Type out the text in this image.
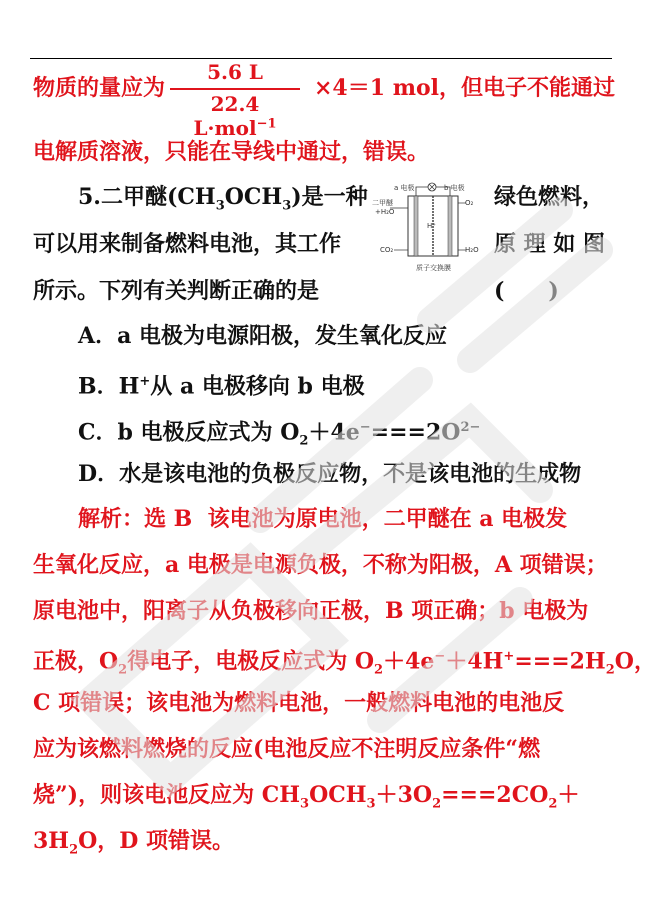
物质的量应为
5.6 L
22.4 L·mol$^{-1}$
×4＝1 mol，但电子不能通过
电解质溶液，只能在导线中通过，错误。
5.二甲醚$(CH_3OCH_3)$是一种	绿色燃料，
可以用来制备燃料电池，其工作	原 理 如 图
所示。下列有关判断正确的是	(　　)
a 电极	b 电极
H⁺
二甲醚
+H₂O
CO₂
O₂
H₂O
质子交换膜
A．a 电极为电源阳极，发生氧化反应
B．H+从 a 电极移向 b 电极
C．b 电极反应式为 $O_2+4e^-===2O^{2-}$
D．水是该电池的负极反应物，不是该电池的生成物
解析：选 B 该电池为原电池，二甲醚在 a 电极发
生氧化反应，a 电极是电源负极，不称为阳极，A 项错误；
原电池中，阳离子从负极移向正极，B 项正确；b 电极为
正极，$O_2$得电子，电极反应式为 $O_2+4e^-+4H^+===2H_2O$，
C 项错误；该电池为燃料电池，一般燃料电池的电池反
应为该燃料燃烧的反应(电池反应不注明反应条件“燃
烧”)，则该电池反应为 $CH_3OCH_3+3O_2===2CO_2+$
$3H_2O$，D 项错误。
